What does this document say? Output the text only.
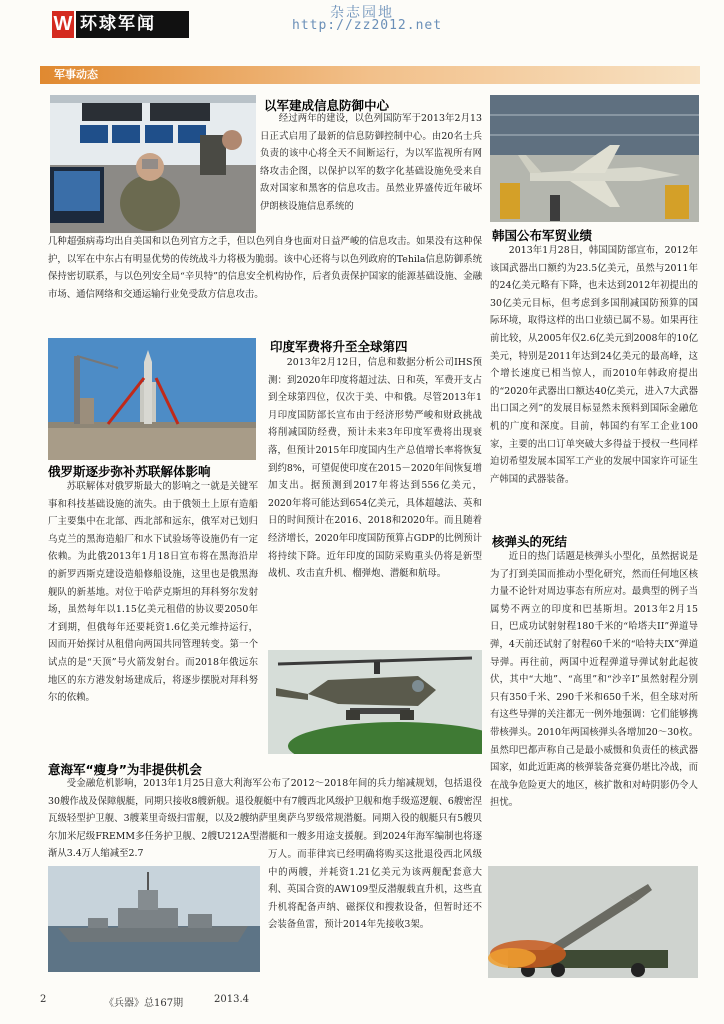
W 环球军闻
杂志园地
http://zz2012.net
军事动态
以军建成信息防御中心

经过两年的建设，以色列国防军于2013年2月13日正式启用了最新的信息防御控制中心。由20名士兵负责的该中心将全天不间断运行，为以军监视所有网络攻击企图，以保护以军的数字化基础设施免受来自敌对国家和黑客的信息攻击。虽然业界盛传近年破坏伊朗核设施信息系统的

几种超强病毒均出自美国和以色列官方之手，但以色列自身也面对日益严峻的信息攻击。如果没有这种保护，以军在中东占有明显优势的传统战斗力将极为脆弱。该中心还将与以色列政府的Tehila信息防御系统保持密切联系，与以色列安全局“辛贝特”的信息安全机构协作，后者负责保护国家的能源基础设施、金融市场、通信网络和交通运输行业免受敌方信息攻击。

韩国公布军贸业绩

2013年1月28日，韩国国防部宣布，2012年该国武器出口额约为23.5亿美元，虽然与2011年的24亿美元略有下降，也未达到2012年初提出的30亿美元目标，但考虑到多国削减国防预算的国际环境，取得这样的出口业绩已属不易。如果再往前比较，从2005年仅2.6亿美元到2008年的10亿美元，特别是2011年达到24亿美元的最高峰，这个增长速度已相当惊人，而2010年韩政府提出的“2020年武器出口额达40亿美元，进入7大武器出口国之列”的发展目标显然未预料到国际金融危机的广度和深度。目前，韩国约有军工企业100家，主要的出口订单突破大多得益于授权一些同样迫切希望发展本国军工产业的发展中国家许可证生产韩国的武器装备。

印度军费将升至全球第四

2013年2月12日，信息和数据分析公司IHS预测：到2020年印度将超过法、日和英，军费开支占到全球第四位，仅次于美、中和俄。尽管2013年1月印度国防部长宣布由于经济形势严峻和财政挑战将削减国防经费，预计未来3年印度军费将出现衰落，但预计2015年印度国内生产总值增长率将恢复到约8%，可望促使印度在2015－2020年间恢复增加支出。据预测到2017年将达到556亿美元，2020年将可能达到654亿美元，具体超越法、英和日的时间预计在2016、2018和2020年。而且随着经济增长，2020年印度国防预算占GDP的比例预计将持续下降。近年印度的国防采购重头仍将是新型战机、攻击直升机、榴弹炮、潜艇和航母。

俄罗斯逐步弥补苏联解体影响

苏联解体对俄罗斯最大的影响之一就是关键军事和科技基础设施的流失。由于俄领土上原有造船厂主要集中在北部、西北部和远东，俄军对已划归乌克兰的黑海造船厂和水下试验场等设施仍有一定依赖。为此俄2013年1月18日宣布将在黑海沿岸的新罗西斯克建设造船修船设施，这里也是俄黑海舰队的新基地。对位于哈萨克斯坦的拜科努尔发射场，虽然每年以1.15亿美元租借的协议要2050年才到期，但俄每年还要耗资1.6亿美元维持运行，因而开始探讨从租借向两国共同管理转变。第一个试点的是“天顶”号火箭发射台。而2018年俄远东地区的东方港发射场建成后，将逐步摆脱对拜科努尔的依赖。

核弹头的死结

近日的热门话题是核弹头小型化，虽然据说是为了打到美国而推动小型化研究，然而任何地区核力量不论针对周边事态有所应对。最典型的例子当属势不两立的印度和巴基斯坦。2013年2月15日，巴成功试射射程180千米的“哈塔夫II”弹道导弹，4天前还试射了射程60千米的“哈特夫IX”弹道导弹。再往前，两国中近程弹道导弹试射此起彼伏，其中“大地”、“高里”和“沙辛I”虽然射程分别只有350千米、290千米和650千米，但全球对所有这些导弹的关注都无一例外地强调：它们能够携带核弹头。2010年两国核弹头各增加20～30枚。虽然印巴都声称自己是最小威慑和负责任的核武器国家，如此近距离的核弹装备竞赛仍堪比冷战，而在战争危险更大的地区，核扩散和对峙阴影仍令人担忧。

意海军“瘦身”为非提供机会

受金融危机影响，2013年1月25日意大利海军公布了2012～2018年间的兵力缩减规划，包括退役30艘作战及保障舰艇，同期只接收8艘新舰。退役舰艇中有7艘西北风级护卫舰和炮手级巡逻舰、6艘密涅瓦级轻型护卫舰、3艘莱里奇级扫雷舰，以及2艘纳萨里奥萨乌罗级常规潜艇。同期入役的舰艇只有5艘贝尔加米尼级FREMM多任务护卫舰、2艘U212A型潜艇和一艘多用途支援舰。到2024年海军编制也将逐渐从3.4万人缩减至2.7	万人。而菲律宾已经明确将购买这批退役西北风级中的两艘，并耗资1.21亿美元为该两舰配套意大利、英国合资的AW109型反潜舰载直升机，这些直升机将配备声纳、磁探仪和搜救设备，但暂时还不会装备鱼雷，预计2014年先接收3架。

2	《兵器》总167期	2013.4
